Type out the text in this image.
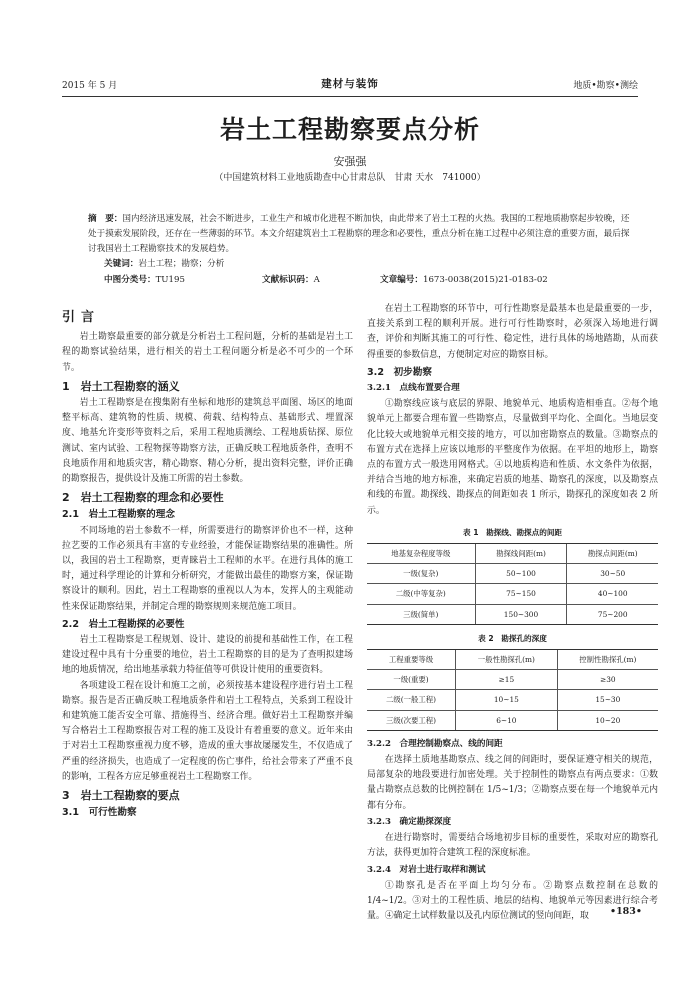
2015 年 5 月	建材与装饰	地质•勘察•测绘
岩土工程勘察要点分析
安强强
（中国建筑材料工业地质勘查中心甘肃总队　甘肃 天水　741000）
摘　要：国内经济迅速发展，社会不断进步，工业生产和城市化进程不断加快，由此带来了岩土工程的火热。我国的工程地质勘察起步较晚，还处于摸索发展阶段，还存在一些薄弱的环节。本文介绍建筑岩土工程勘察的理念和必要性，重点分析在施工过程中必须注意的重要方面，最后探讨我国岩土工程勘察技术的发展趋势。
关键词：岩土工程；勘察；分析
中图分类号：TU195	文献标识码：A	文章编号：1673-0038(2015)21-0183-02
引言

岩土勘察最重要的部分就是分析岩土工程问题，分析的基础是岩土工程的勘察试验结果，进行相关的岩土工程问题分析是必不可少的一个环节。

1　岩土工程勘察的涵义

岩土工程勘察是在搜集附有坐标和地形的建筑总平面图、场区的地面整平标高、建筑物的性质、规模、荷载、结构特点、基础形式、埋置深度、地基允许变形等资料之后，采用工程地质测绘、工程地质钻探、原位测试、室内试验、工程物探等勘察方法，正确反映工程地质条件，查明不良地质作用和地质灾害，精心勘察、精心分析，提出资料完整，评价正确的勘察报告，提供设计及施工所需的岩土参数。

2　岩土工程勘察的理念和必要性
2.1　岩土工程勘察的理念

不同场地的岩土参数不一样，所需要进行的勘察评价也不一样，这种拉艺要的工作必须具有丰富的专业经验，才能保证勘察结果的准确性。所以，我国的岩土工程勘察，更青睐岩土工程师的水平。在进行具体的施工时，通过科学理论的计算和分析研究，才能做出最佳的勘察方案，保证勘察设计的顺利。因此，岩土工程勘察的重视以人为本，发挥人的主观能动性来保证勘察结果，并制定合理的勘察规则来规范施工项目。

2.2　岩土工程勘探的必要性

岩土工程勘察是工程规划、设计、建设的前提和基础性工作，在工程建设过程中具有十分重要的地位，岩土工程勘察的目的是为了查明拟建场地的地质情况，给出地基承载力特征值等可供设计使用的重要资料。

各项建设工程在设计和施工之前，必须按基本建设程序进行岩土工程勘察。报告是否正确反映工程地质条件和岩土工程特点，关系到工程设计和建筑施工能否安全可靠、措施得当、经济合理。做好岩土工程勘察并编写合格岩土工程勘察报告对工程的施工及设计有着重要的意义。近年来由于对岩土工程勘察重视力度不够，造成的重大事故屡屡发生，不仅造成了严重的经济损失，也造成了一定程度的伤亡事件，给社会带来了严重不良的影响，工程各方应足够重视岩土工程勘察工作。

3　岩土工程勘察的要点
3.1　可行性勘察

在岩土工程勘察的环节中，可行性勘察是最基本也是最重要的一步，直接关系到工程的顺利开展。进行可行性勘察时，必须深入场地进行调查，评价和判断其施工的可行性、稳定性，进行具体的场地踏勘，从而获得重要的参数信息，方便制定对应的勘察目标。

3.2　初步勘察
3.2.1　点线布置要合理

①勘察线应该与底层的界限、地貌单元、地质构造相垂直。②每个地貌单元上都要合理布置一些勘察点，尽量做到平均化、全面化。当地层变化比较大或地貌单元相交接的地方，可以加密勘察点的数量。③勘察点的布置方式在选择上应该以地形的平整度作为依据。在平坦的地形上，勘察点的布置方式一般选用网格式。④以地质构造和性质、水文条件为依据，并结合当地的地方标准，来确定岩质的地基、勘察孔的深度，以及勘察点和线的布置。勘探线、勘探点的间距如表 1 所示，勘探孔的深度如表 2 所示。

表 1　勘探线、勘探点的间距
地基复杂程度等级	勘探线间距(m)	勘探点间距(m)
一级(复杂)	50~100	30~50
二级(中等复杂)	75~150	40~100
三级(简单)	150~300	75~200
表 2　勘探孔的深度
工程重要等级	一般性勘探孔(m)	控制性勘探孔(m)
一级(重要)	≥15	≥30
二级(一般工程)	10~15	15~30
三级(次要工程)	6~10	10~20
3.2.2　合理控制勘察点、线的间距

在选择土质地基勘察点、线之间的间距时，要保证遵守相关的规范，局部复杂的地段要进行加密处理。关于控制性的勘察点有两点要求：①数量占勘察点总数的比例控制在 1/5~1/3；②勘察点要在每一个地貌单元内都有分布。

3.2.3　确定勘探深度

在进行勘察时，需要结合场地初步目标的重要性，采取对应的勘察孔方法，获得更加符合建筑工程的深度标准。

3.2.4　对岩土进行取样和测试

①勘察孔是否在平面上均匀分布。②勘察点数控制在总数的 1/4~1/2。③对土的工程性质、地层的结构、地貌单元等因素进行综合考量。④确定土试样数量以及孔内原位测试的竖向间距，取	•183•
